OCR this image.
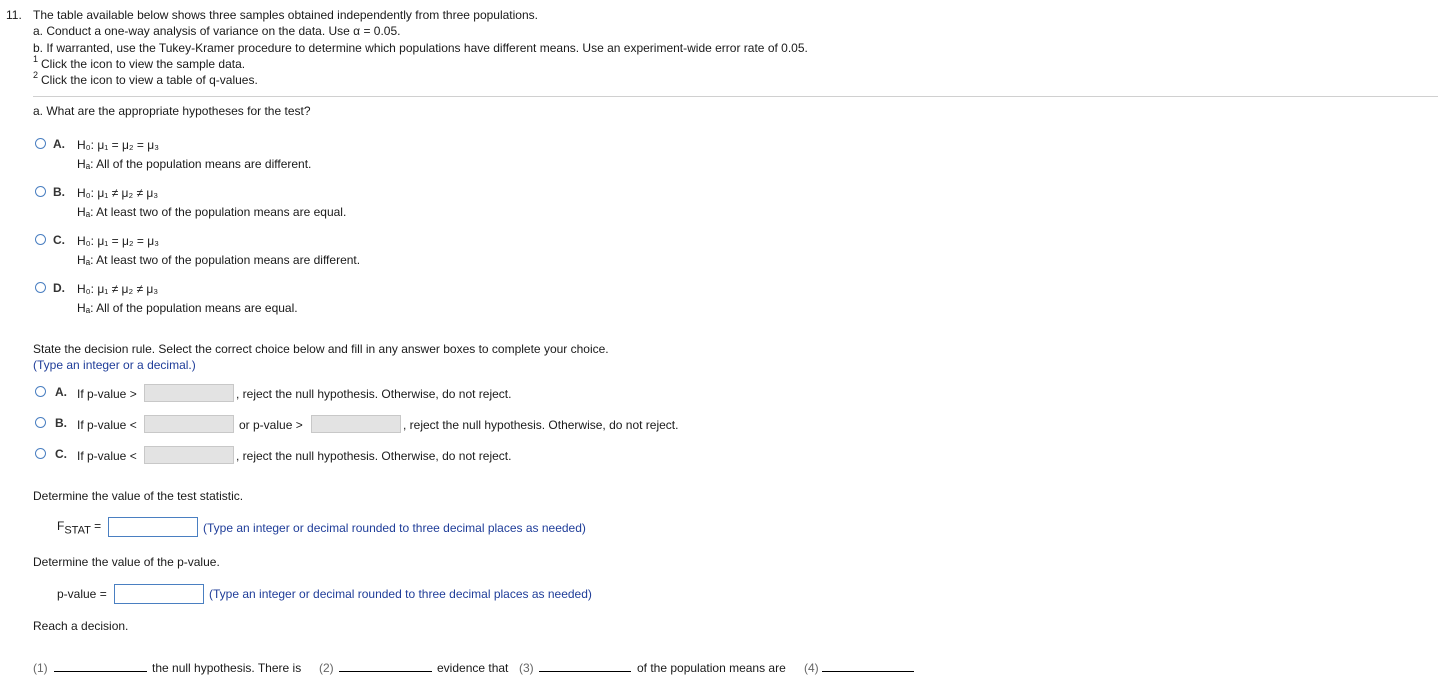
11. The table available below shows three samples obtained independently from three populations.
a. Conduct a one-way analysis of variance on the data. Use α = 0.05.
b. If warranted, use the Tukey-Kramer procedure to determine which populations have different means. Use an experiment-wide error rate of 0.05.
$^1$ Click the icon to view the sample data.
$^2$ Click the icon to view a table of q-values.
a. What are the appropriate hypotheses for the test?
A. H₀: μ₁ = μ₂ = μ₃
Hₐ: All of the population means are different.
B. H₀: μ₁ ≠ μ₂ ≠ μ₃
Hₐ: At least two of the population means are equal.
C. H₀: μ₁ = μ₂ = μ₃
Hₐ: At least two of the population means are different.
D. H₀: μ₁ ≠ μ₂ ≠ μ₃
Hₐ: All of the population means are equal.
State the decision rule. Select the correct choice below and fill in any answer boxes to complete your choice.
(Type an integer or a decimal.)
A. If p-value >	, reject the null hypothesis. Otherwise, do not reject.
B. If p-value <	or p-value >	, reject the null hypothesis. Otherwise, do not reject.
C. If p-value <	, reject the null hypothesis. Otherwise, do not reject.
Determine the value of the test statistic.
FSTAT =	(Type an integer or decimal rounded to three decimal places as needed)
Determine the value of the p-value.
p-value =	(Type an integer or decimal rounded to three decimal places as needed)
Reach a decision.
(1)	the null hypothesis. There is (2)	evidence that (3)	of the population means are (4)
